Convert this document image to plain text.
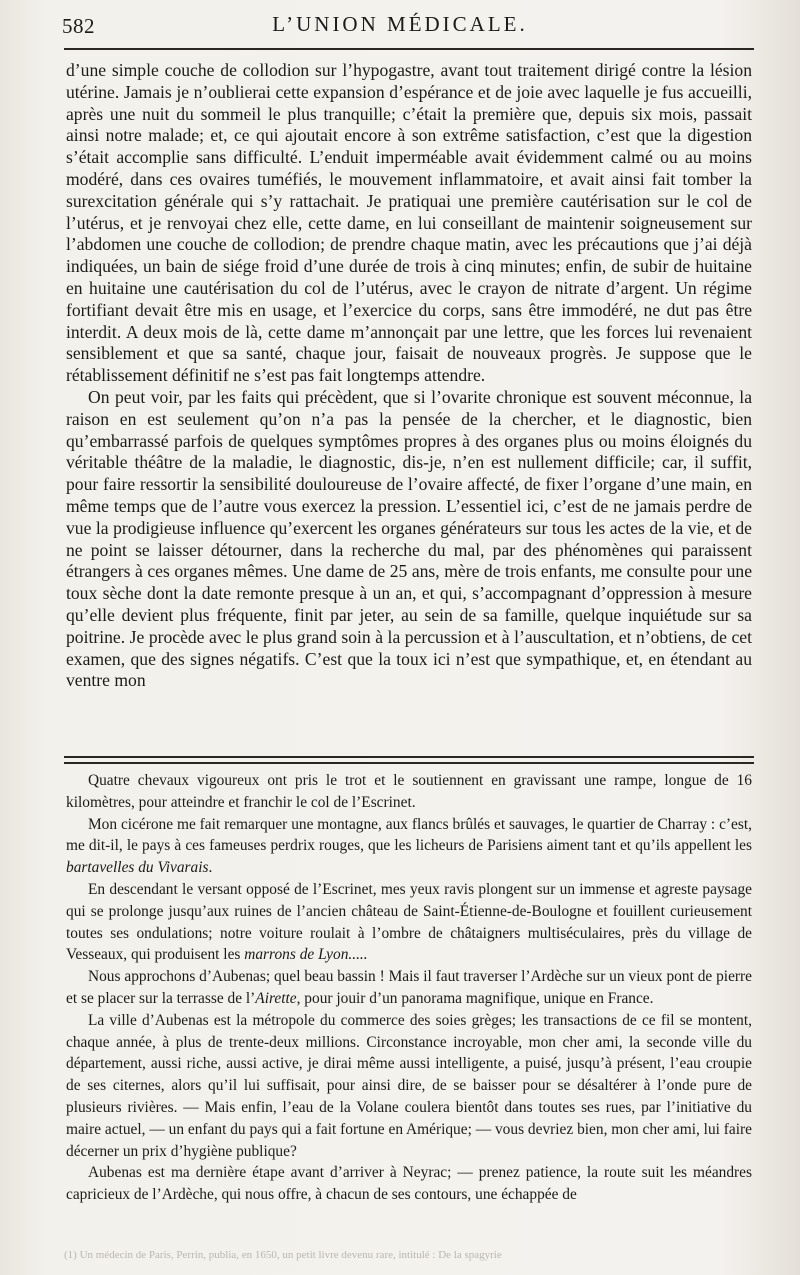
582	L’UNION MÉDICALE.

d’une simple couche de collodion sur l’hypogastre, avant tout traitement dirigé contre la lésion utérine. Jamais je n’oublierai cette expansion d’espérance et de joie avec laquelle je fus accueilli, après une nuit du sommeil le plus tranquille; c’était la première que, depuis six mois, passait ainsi notre malade; et, ce qui ajoutait encore à son extrême satisfaction, c’est que la digestion s’était accomplie sans difficulté. L’enduit imperméable avait évidemment calmé ou au moins modéré, dans ces ovaires tuméfiés, le mouvement inflammatoire, et avait ainsi fait tomber la surexcitation générale qui s’y rattachait. Je pratiquai une première cautérisation sur le col de l’utérus, et je renvoyai chez elle, cette dame, en lui conseillant de maintenir soigneusement sur l’abdomen une couche de collodion; de prendre chaque matin, avec les précautions que j’ai déjà indiquées, un bain de siége froid d’une durée de trois à cinq minutes; enfin, de subir de huitaine en huitaine une cautérisation du col de l’utérus, avec le crayon de nitrate d’argent. Un régime fortifiant devait être mis en usage, et l’exercice du corps, sans être immodéré, ne dut pas être interdit. A deux mois de là, cette dame m’annonçait par une lettre, que les forces lui revenaient sensiblement et que sa santé, chaque jour, faisait de nouveaux progrès. Je suppose que le rétablissement définitif ne s’est pas fait longtemps attendre.

On peut voir, par les faits qui précèdent, que si l’ovarite chronique est souvent méconnue, la raison en est seulement qu’on n’a pas la pensée de la chercher, et le diagnostic, bien qu’embarrassé parfois de quelques symptômes propres à des organes plus ou moins éloignés du véritable théâtre de la maladie, le diagnostic, dis-je, n’en est nullement difficile; car, il suffit, pour faire ressortir la sensibilité douloureuse de l’ovaire affecté, de fixer l’organe d’une main, en même temps que de l’autre vous exercez la pression. L’essentiel ici, c’est de ne jamais perdre de vue la prodigieuse influence qu’exercent les organes générateurs sur tous les actes de la vie, et de ne point se laisser détourner, dans la recherche du mal, par des phénomènes qui paraissent étrangers à ces organes mêmes. Une dame de 25 ans, mère de trois enfants, me consulte pour une toux sèche dont la date remonte presque à un an, et qui, s’accompagnant d’oppression à mesure qu’elle devient plus fréquente, finit par jeter, au sein de sa famille, quelque inquiétude sur sa poitrine. Je procède avec le plus grand soin à la percussion et à l’auscultation, et n’obtiens, de cet examen, que des signes négatifs. C’est que la toux ici n’est que sympathique, et, en étendant au ventre mon

Quatre chevaux vigoureux ont pris le trot et le soutiennent en gravissant une rampe, longue de 16 kilomètres, pour atteindre et franchir le col de l’Escrinet.

Mon cicérone me fait remarquer une montagne, aux flancs brûlés et sauvages, le quartier de Charray : c’est, me dit-il, le pays à ces fameuses perdrix rouges, que les licheurs de Parisiens aiment tant et qu’ils appellent les bartavelles du Vivarais.

En descendant le versant opposé de l’Escrinet, mes yeux ravis plongent sur un immense et agreste paysage qui se prolonge jusqu’aux ruines de l’ancien château de Saint-Étienne-de-Boulogne et fouillent curieusement toutes ses ondulations; notre voiture roulait à l’ombre de châtaigners multiséculaires, près du village de Vesseaux, qui produisent les marrons de Lyon.....

Nous approchons d’Aubenas; quel beau bassin ! Mais il faut traverser l’Ardèche sur un vieux pont de pierre et se placer sur la terrasse de l’Airette, pour jouir d’un panorama magnifique, unique en France.

La ville d’Aubenas est la métropole du commerce des soies grèges; les transactions de ce fil se montent, chaque année, à plus de trente-deux millions. Circonstance incroyable, mon cher ami, la seconde ville du département, aussi riche, aussi active, je dirai même aussi intelligente, a puisé, jusqu’à présent, l’eau croupie de ses citernes, alors qu’il lui suffisait, pour ainsi dire, de se baisser pour se désaltérer à l’onde pure de plusieurs rivières. — Mais enfin, l’eau de la Volane coulera bientôt dans toutes ses rues, par l’initiative du maire actuel, — un enfant du pays qui a fait fortune en Amérique; — vous devriez bien, mon cher ami, lui faire décerner un prix d’hygiène publique?

Aubenas est ma dernière étape avant d’arriver à Neyrac; — prenez patience, la route suit les méandres capricieux de l’Ardèche, qui nous offre, à chacun de ses contours, une échappée de

(1) Un médecin de Paris, Perrin, publia, en 1650, un petit livre devenu rare, intitulé : De la spagyrie
